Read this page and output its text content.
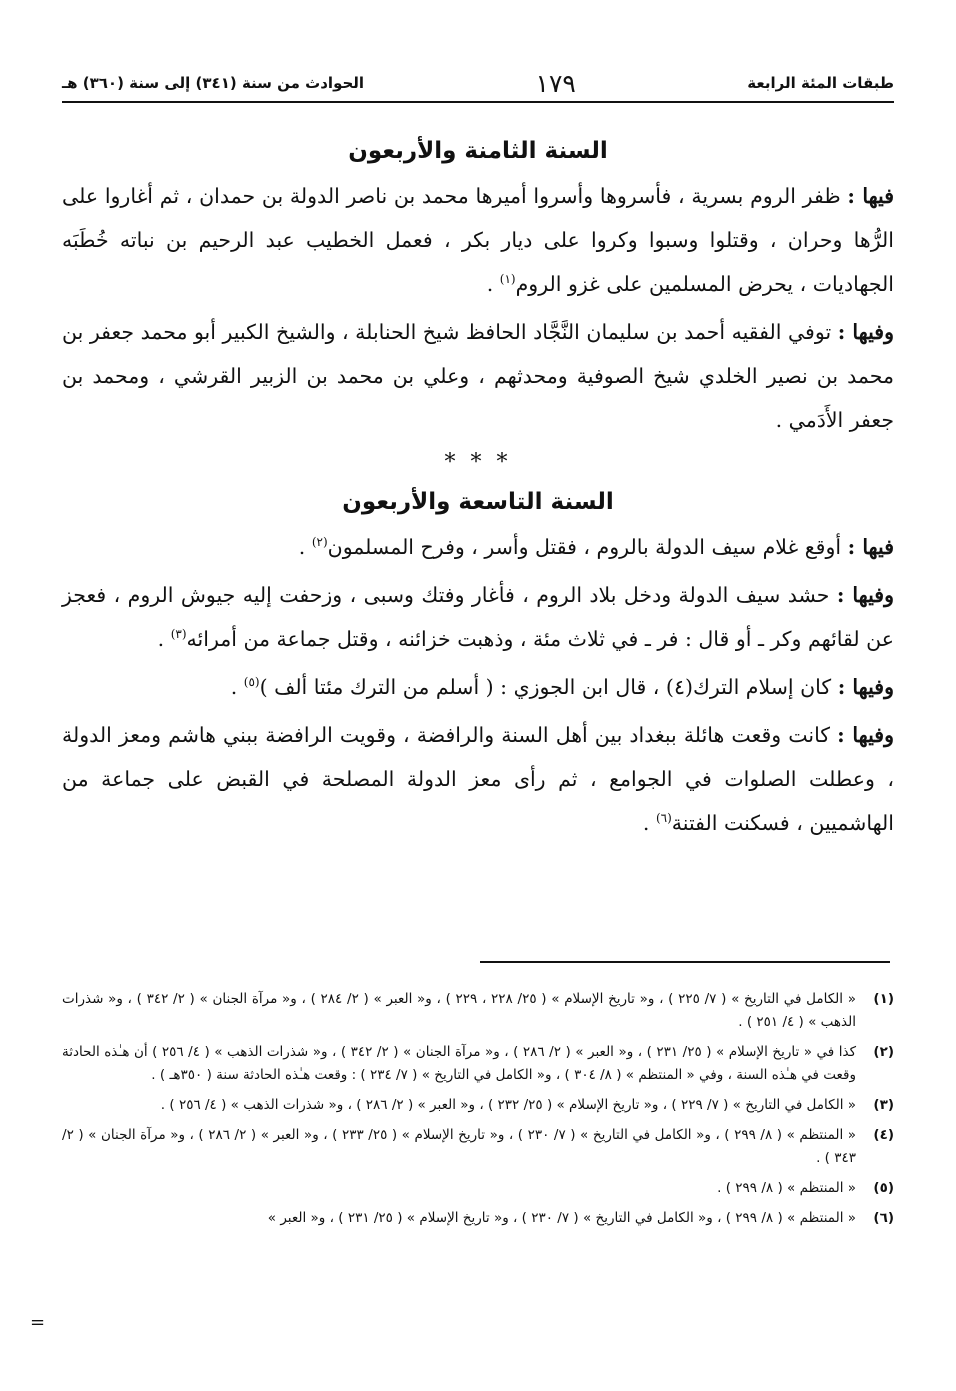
طبقات المئة الرابعة
١٧٩
الحوادث من سنة (٣٤١) إلى سنة (٣٦٠) هـ
السنة الثامنة والأربعون

فيها : ظفر الروم بسرية ، فأسروها وأسروا أميرها محمد بن ناصر الدولة بن حمدان ، ثم أغاروا على الرُّها وحران ، وقتلوا وسبوا وكروا على ديار بكر ، فعمل الخطيب عبد الرحيم بن نباته خُطَبَه الجهاديات ، يحرض المسلمين على غزو الروم$^{(١)}$ .

وفيها : توفي الفقيه أحمد بن سليمان النَّجَّاد الحافظ شيخ الحنابلة ، والشيخ الكبير أبو محمد جعفر بن محمد بن نصير الخلدي شيخ الصوفية ومحدثهم ، وعلي بن محمد بن الزبير القرشي ، ومحمد بن جعفر الأَدَمي .

* * *
السنة التاسعة والأربعون

فيها : أوقع غلام سيف الدولة بالروم ، فقتل وأسر ، وفرح المسلمون$^{(٢)}$ .

وفيها : حشد سيف الدولة ودخل بلاد الروم ، فأغار وفتك وسبى ، وزحفت إليه جيوش الروم ، فعجز عن لقائهم وكر ـ أو قال : فر ـ في ثلاث مئة ، وذهبت خزائنه ، وقتل جماعة من أمرائه$^{(٣)}$ .

وفيها : كان إسلام الترك(٤) ، قال ابن الجوزي : ( أسلم من الترك مئتا ألف )$^{(٥)}$ .

وفيها : كانت وقعت هائلة ببغداد بين أهل السنة والرافضة ، وقويت الرافضة ببني هاشم ومعز الدولة ، وعطلت الصلوات في الجوامع ، ثم رأى معز الدولة المصلحة في القبض على جماعة من الهاشميين ، فسكنت الفتنة$^{(٦)}$ .

(١)
« الكامل في التاريخ » ( ٧/ ٢٢٥ ) ، و« تاريخ الإسلام » ( ٢٥/ ٢٢٨ ، ٢٢٩ ) ، و« العبر » ( ٢/ ٢٨٤ ) ، و« مرآة الجنان » ( ٢/ ٣٤٢ ) ، و« شذرات الذهب » ( ٤/ ٢٥١ ) .
(٢)
كذا في « تاريخ الإسلام » ( ٢٥/ ٢٣١ ) ، و« العبر » ( ٢/ ٢٨٦ ) ، و« مرآة الجنان » ( ٢/ ٣٤٢ ) ، و« شذرات الذهب » ( ٤/ ٢٥٦ ) أن هـٰذه الحادثة وقعت في هـٰذه السنة ، وفي « المنتظم » ( ٨/ ٣٠٤ ) ، و« الكامل في التاريخ » ( ٧/ ٢٣٤ ) : وقعت هـٰذه الحادثة سنة ( ٣٥٠هـ ) .
(٣)
« الكامل في التاريخ » ( ٧/ ٢٢٩ ) ، و« تاريخ الإسلام » ( ٢٥/ ٢٣٢ ) ، و« العبر » ( ٢/ ٢٨٦ ) ، و« شذرات الذهب » ( ٤/ ٢٥٦ ) .
(٤)
« المنتظم » ( ٨/ ٢٩٩ ) ، و« الكامل في التاريخ » ( ٧/ ٢٣٠ ) ، و« تاريخ الإسلام » ( ٢٥/ ٢٣٣ ) ، و« العبر » ( ٢/ ٢٨٦ ) ، و« مرآة الجنان » ( ٢/ ٣٤٣ ) .
(٥)
« المنتظم » ( ٨/ ٢٩٩ ) .
(٦)
« المنتظم » ( ٨/ ٢٩٩ ) ، و« الكامل في التاريخ » ( ٧/ ٢٣٠ ) ، و« تاريخ الإسلام » ( ٢٥/ ٢٣١ ) ، و« العبر »
=
